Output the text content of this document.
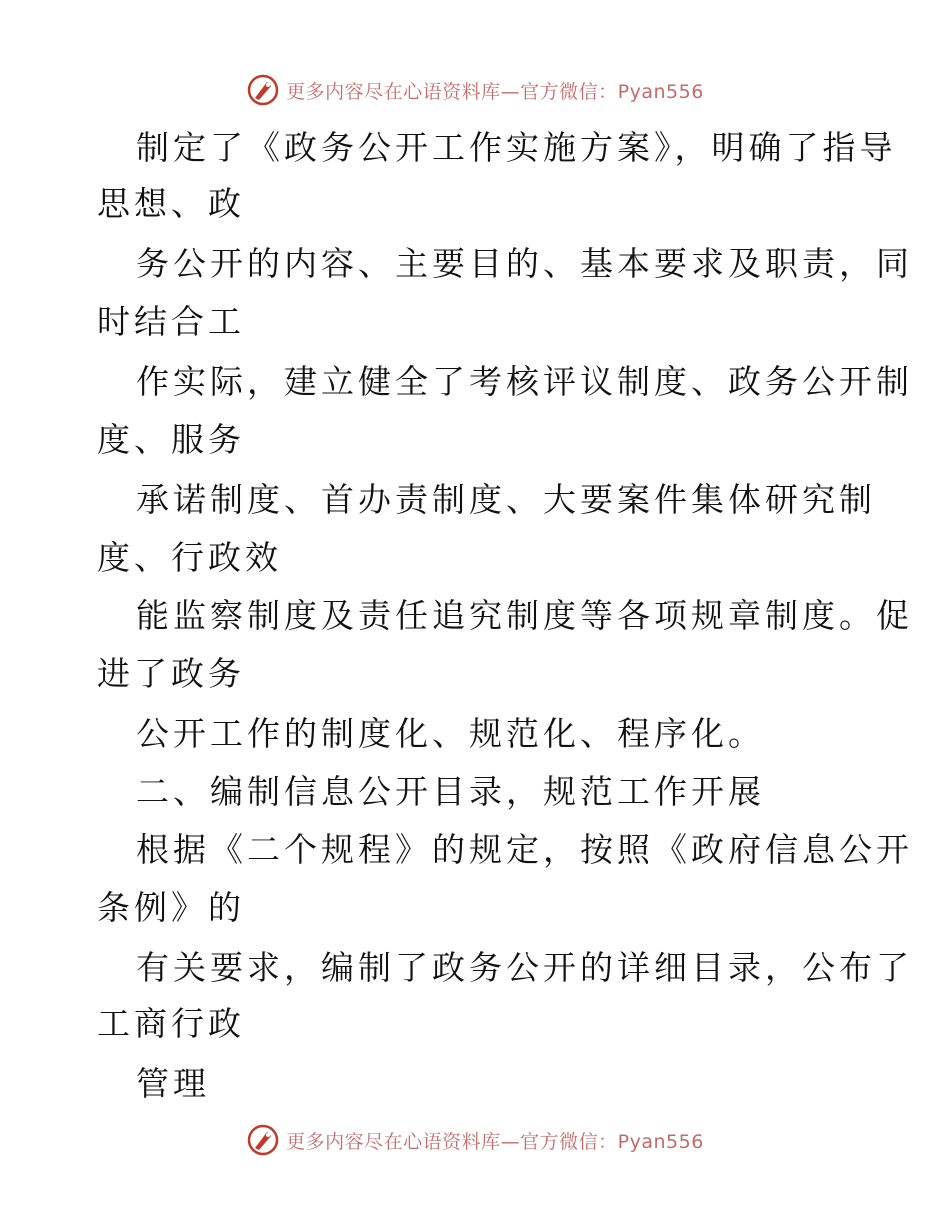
更多内容尽在心语资料库—官方微信：Pyan556
制定了《政务公开工作实施方案》，明确了指导
思想、政
务公开的内容、主要目的、基本要求及职责，同
时结合工
作实际，建立健全了考核评议制度、政务公开制
度、服务
承诺制度、首办责制度、大要案件集体研究制
度、行政效
能监察制度及责任追究制度等各项规章制度。促
进了政务
公开工作的制度化、规范化、程序化。
二、编制信息公开目录，规范工作开展
根据《二个规程》的规定，按照《政府信息公开
条例》的
有关要求，编制了政务公开的详细目录，公布了
工商行政
管理
更多内容尽在心语资料库—官方微信：Pyan556
